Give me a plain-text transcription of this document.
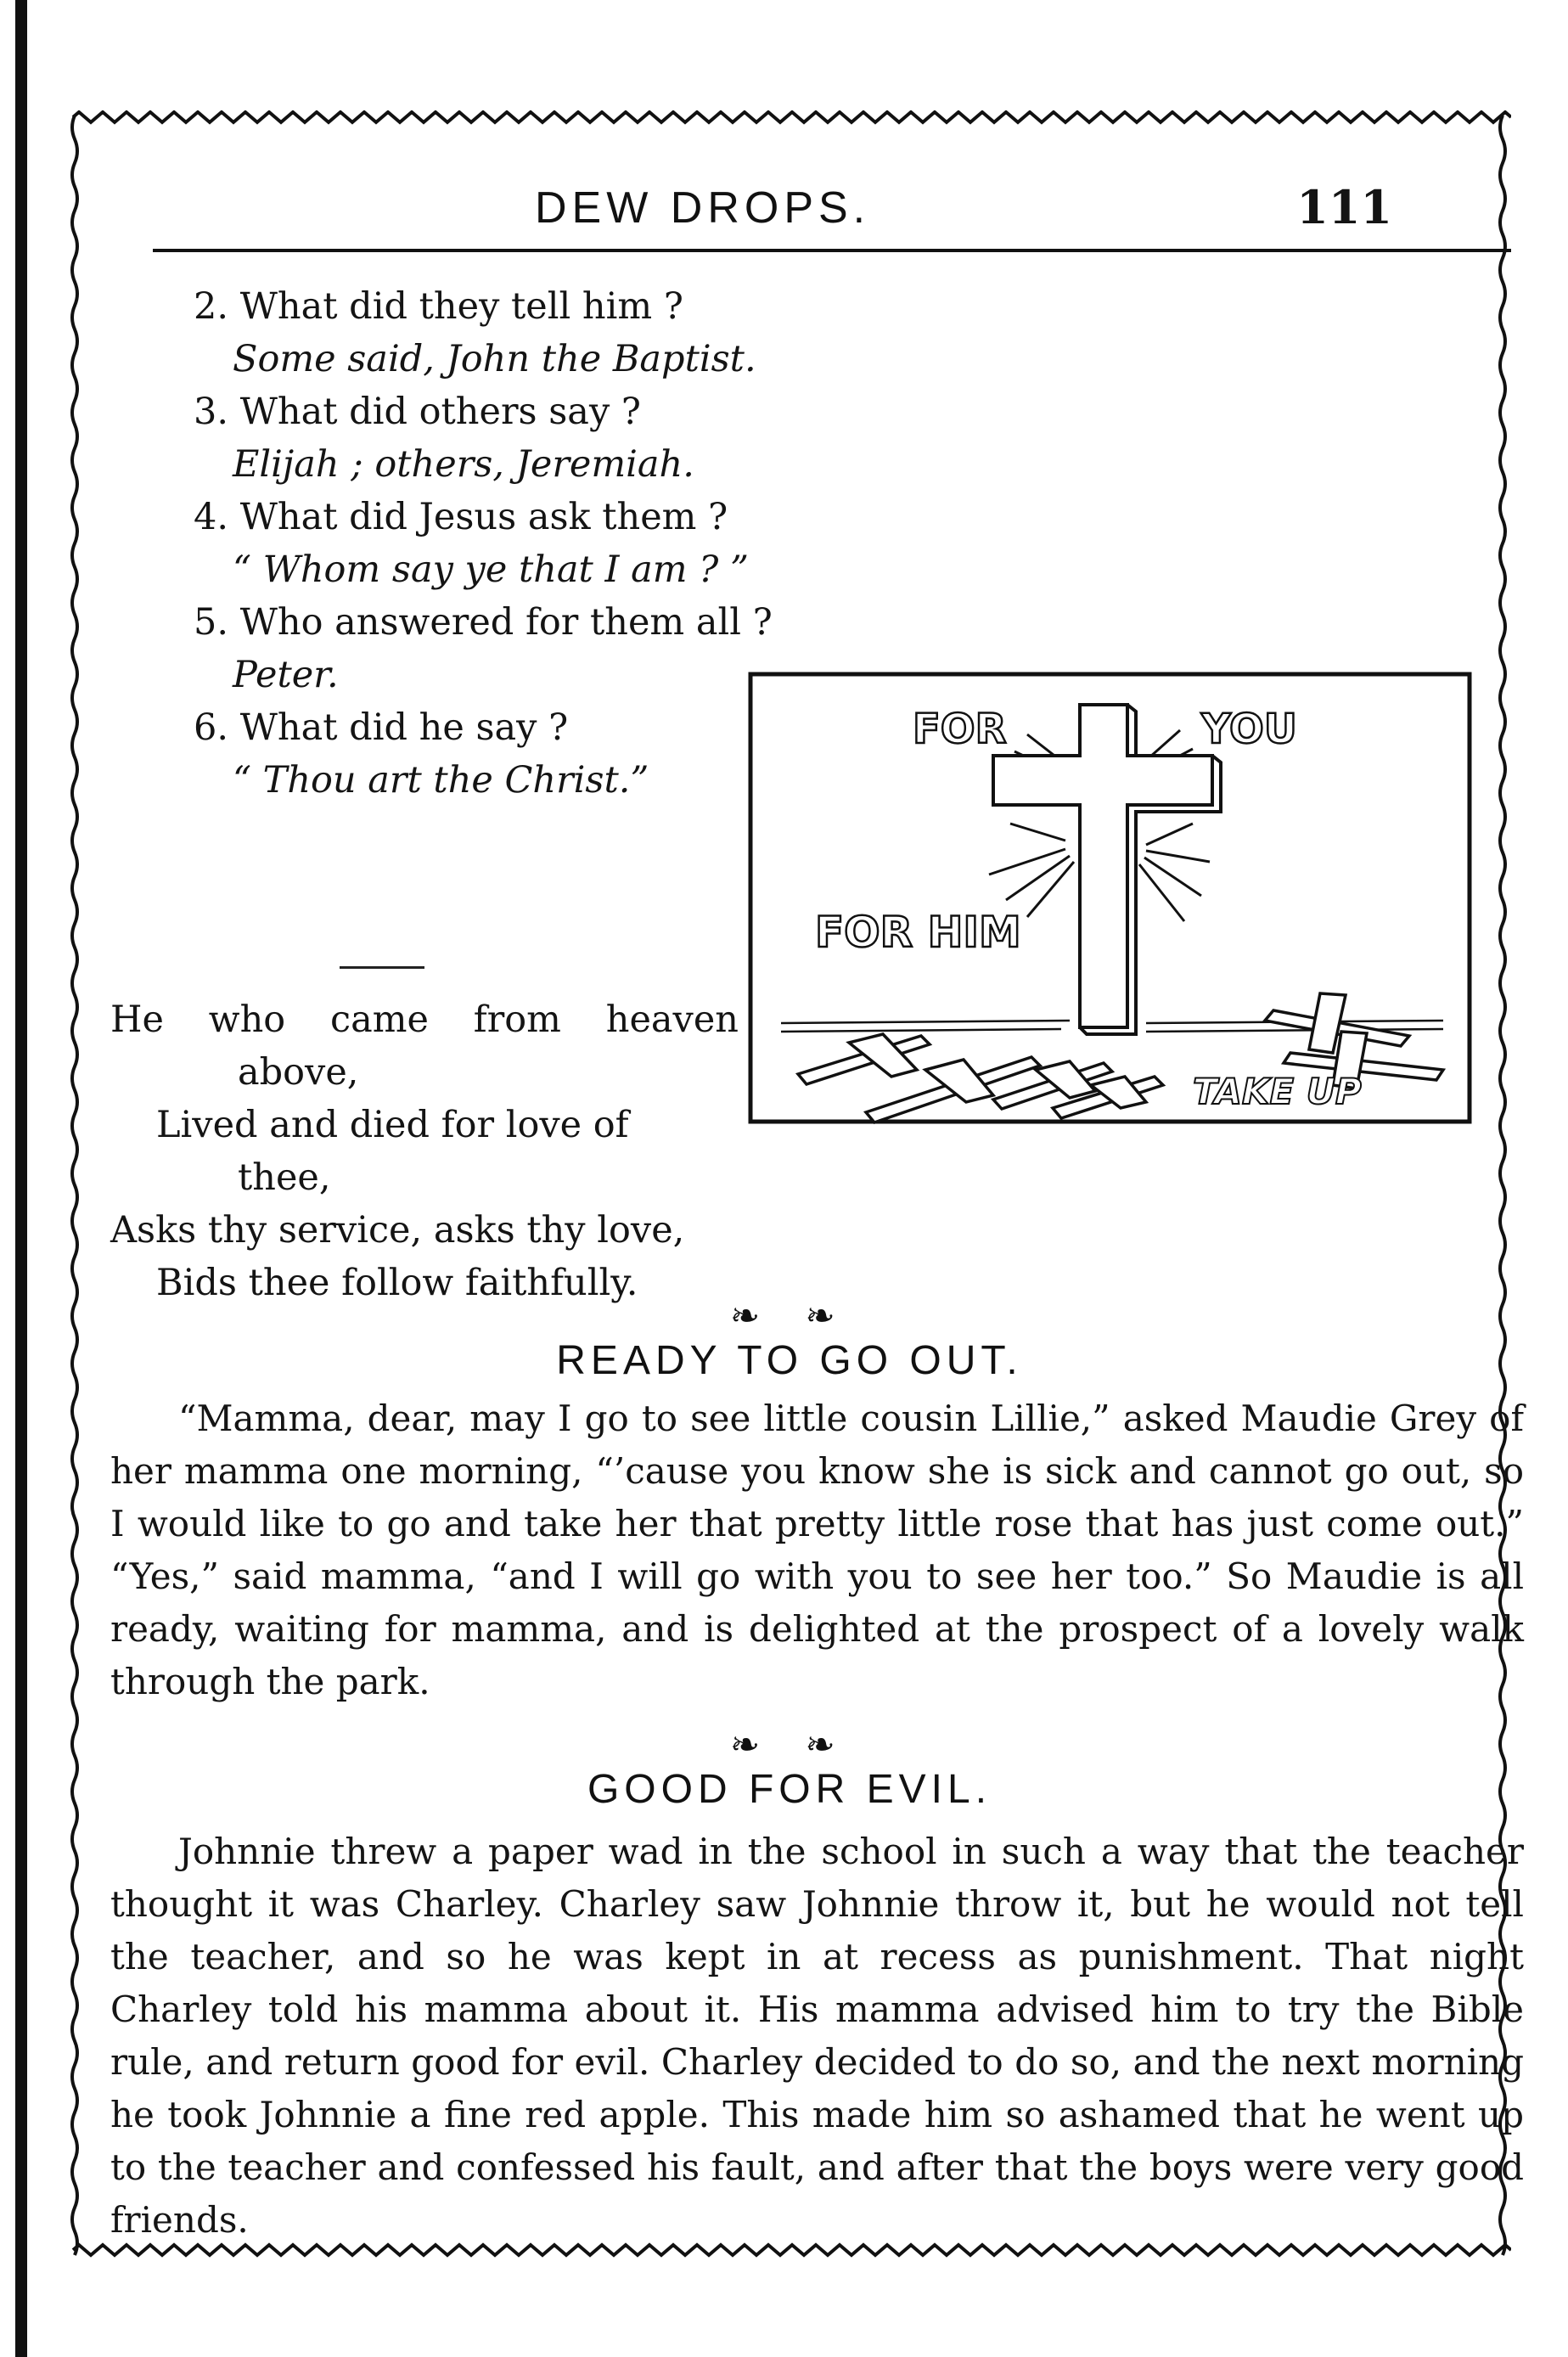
DEW DROPS.	111
2. What did they tell him ?
Some said, John the Baptist.
3. What did others say ?
Elijah ; others, Jeremiah.
4. What did Jesus ask them ?
“ Whom say ye that I am ? ”
5. Who answered for them all ?
Peter.
6. What did he say ?
“ Thou art the Christ.”
He who came from heaven
above,
Lived and died for love of
thee,
Asks thy service, asks thy love,
Bids thee follow faithfully.
FOR	YOU
FOR HIM
TAKE UP
❧ ❧
READY TO GO OUT.
“Mamma, dear, may I go to see little cousin Lillie,” asked Maudie Grey of her mamma one morning, “’cause you know she is sick and cannot go out, so I would like to go and take her that pretty little rose that has just come out.” “Yes,” said mamma, “and I will go with you to see her too.” So Maudie is all ready, waiting for mamma, and is delighted at the prospect of a lovely walk through the park.
❧ ❧
GOOD FOR EVIL.
Johnnie threw a paper wad in the school in such a way that the teacher thought it was Charley. Charley saw Johnnie throw it, but he would not tell the teacher, and so he was kept in at recess as punishment. That night Charley told his mamma about it. His mamma advised him to try the Bible rule, and return good for evil. Charley decided to do so, and the next morning he took Johnnie a fine red apple. This made him so ashamed that he went up to the teacher and confessed his fault, and after that the boys were very good friends.
